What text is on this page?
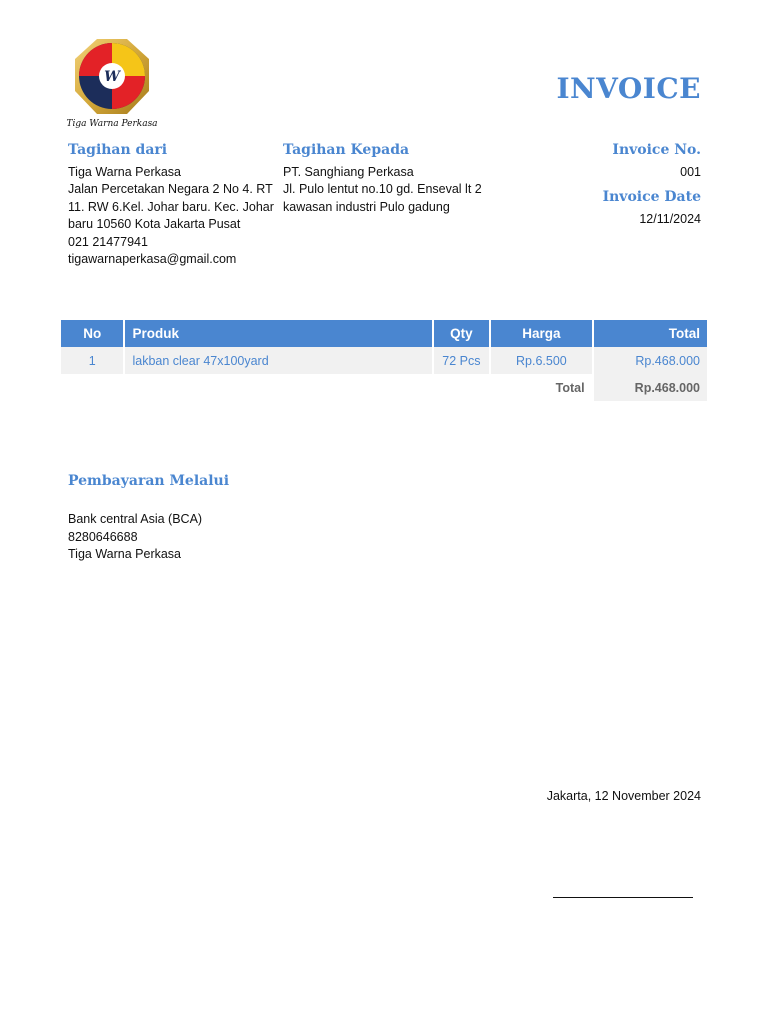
W
Tiga Warna Perkasa
INVOICE
Tagihan dari
Tiga Warna Perkasa
Jalan Percetakan Negara 2 No 4. RT
11. RW 6.Kel. Johar baru. Kec. Johar
baru 10560 Kota Jakarta Pusat
021 21477941
tigawarnaperkasa@gmail.com
Tagihan Kepada
PT. Sanghiang Perkasa
Jl. Pulo lentut no.10 gd. Enseval lt 2
kawasan industri Pulo gadung
Invoice No.
001
Invoice Date
12/11/2024
No	Produk	Qty	Harga	Total
1	lakban clear 47x100yard	72 Pcs	Rp.6.500	Rp.468.000
			Total	Rp.468.000
Pembayaran Melalui
Bank central Asia (BCA)
8280646688
Tiga Warna Perkasa
Jakarta, 12 November 2024
